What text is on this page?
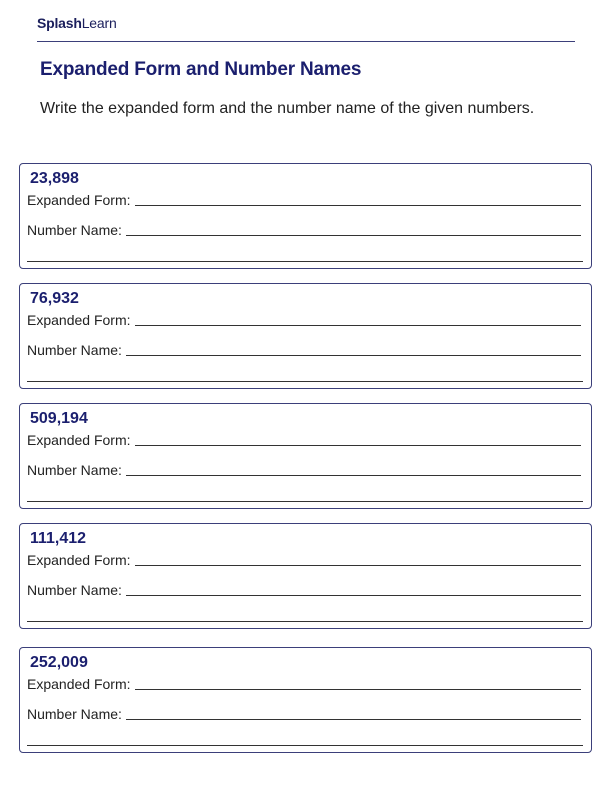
SplashLearn
Expanded Form and Number Names

Write the expanded form and the number name of the given numbers.

23,898
Expanded Form:
Number Name:
76,932
Expanded Form:
Number Name:
509,194
Expanded Form:
Number Name:
111,412
Expanded Form:
Number Name:
252,009
Expanded Form:
Number Name:
